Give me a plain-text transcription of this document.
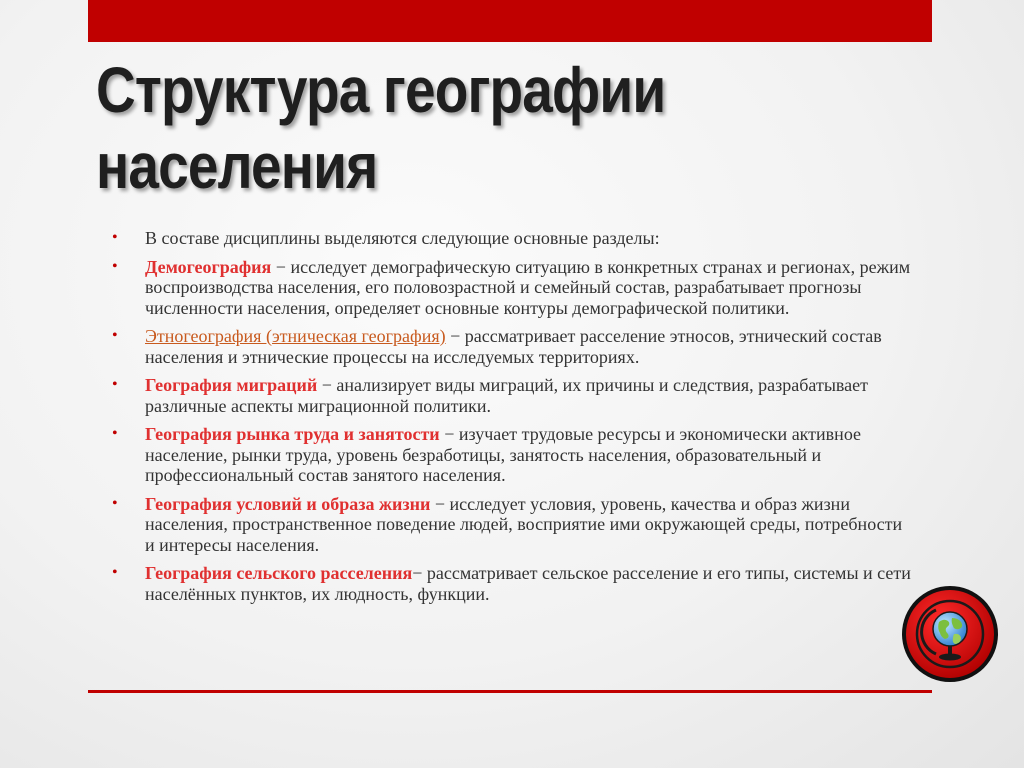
Структура географии населения
• В составе дисциплины выделяются следующие основные разделы:
• Демогеография − исследует демографическую ситуацию в конкретных странах и регионах, режим воспроизводства населения, его половозрастной и семейный состав, разрабатывает прогнозы численности населения, определяет основные контуры демографической политики.
• Этногеография (этническая география) − рассматривает расселение этносов, этнический состав населения и этнические процессы на исследуемых территориях.
• География миграций − анализирует виды миграций, их причины и следствия, разрабатывает различные аспекты миграционной политики.
• География рынка труда и занятости − изучает трудовые ресурсы и экономически активное население, рынки труда, уровень безработицы, занятость населения, образовательный и профессиональный состав занятого населения.
• География условий и образа жизни − исследует условия, уровень, качества и образ жизни населения, пространственное поведение людей, восприятие ими окружающей среды, потребности и интересы населения.
• География сельского расселения− рассматривает сельское расселение и его типы, системы и сети населённых пунктов, их людность, функции.
